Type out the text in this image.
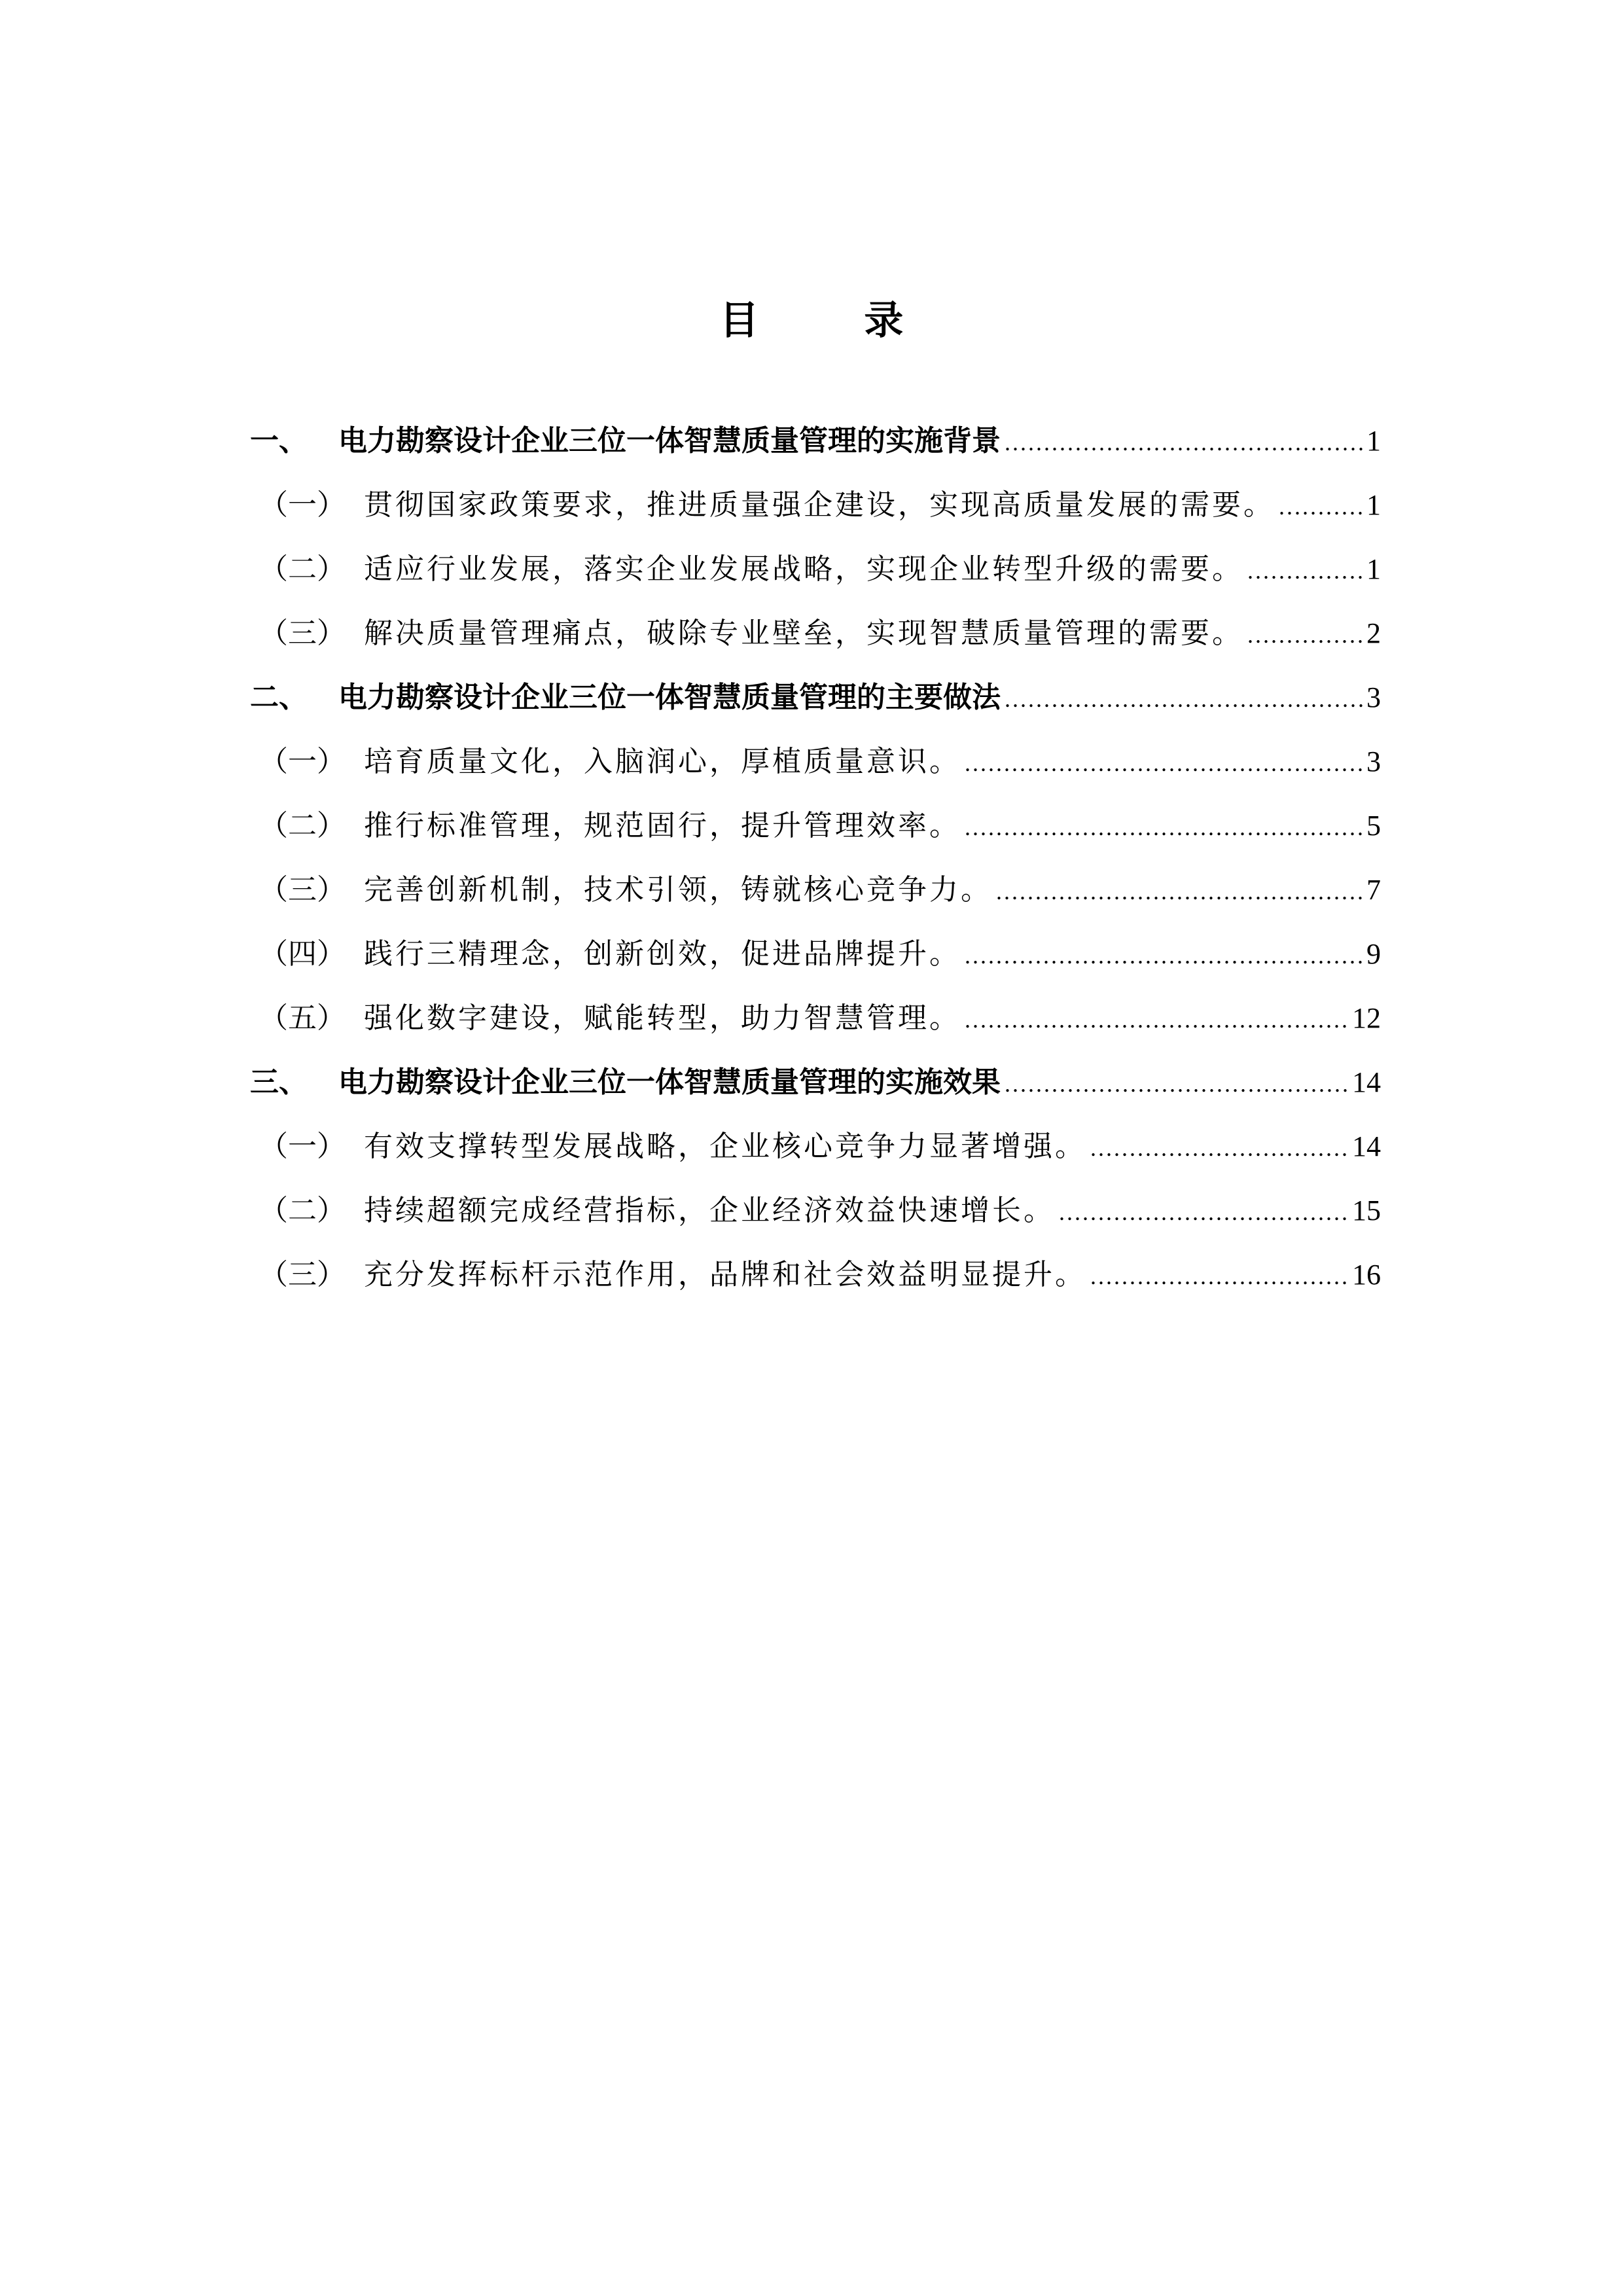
目 录
一、	电力勘察设计企业三位一体智慧质量管理的实施背景 .....	1
（一） 贯彻国家政策要求，推进质量强企建设，实现高质量发展的需要。 .....	1
（二） 适应行业发展，落实企业发展战略，实现企业转型升级的需要。 .....	1
（三） 解决质量管理痛点，破除专业壁垒，实现智慧质量管理的需要。 .....	2
二、	电力勘察设计企业三位一体智慧质量管理的主要做法 .....	3
（一） 培育质量文化，入脑润心，厚植质量意识。 .....	3
（二） 推行标准管理，规范固行，提升管理效率。 .....	5
（三） 完善创新机制，技术引领，铸就核心竞争力。 .....	7
（四） 践行三精理念，创新创效，促进品牌提升。 .....	9
（五） 强化数字建设，赋能转型，助力智慧管理。 .....	12
三、	电力勘察设计企业三位一体智慧质量管理的实施效果 .....	14
（一） 有效支撑转型发展战略，企业核心竞争力显著增强。 .....	14
（二） 持续超额完成经营指标，企业经济效益快速增长。 .....	15
（三） 充分发挥标杆示范作用，品牌和社会效益明显提升。 .....	16
